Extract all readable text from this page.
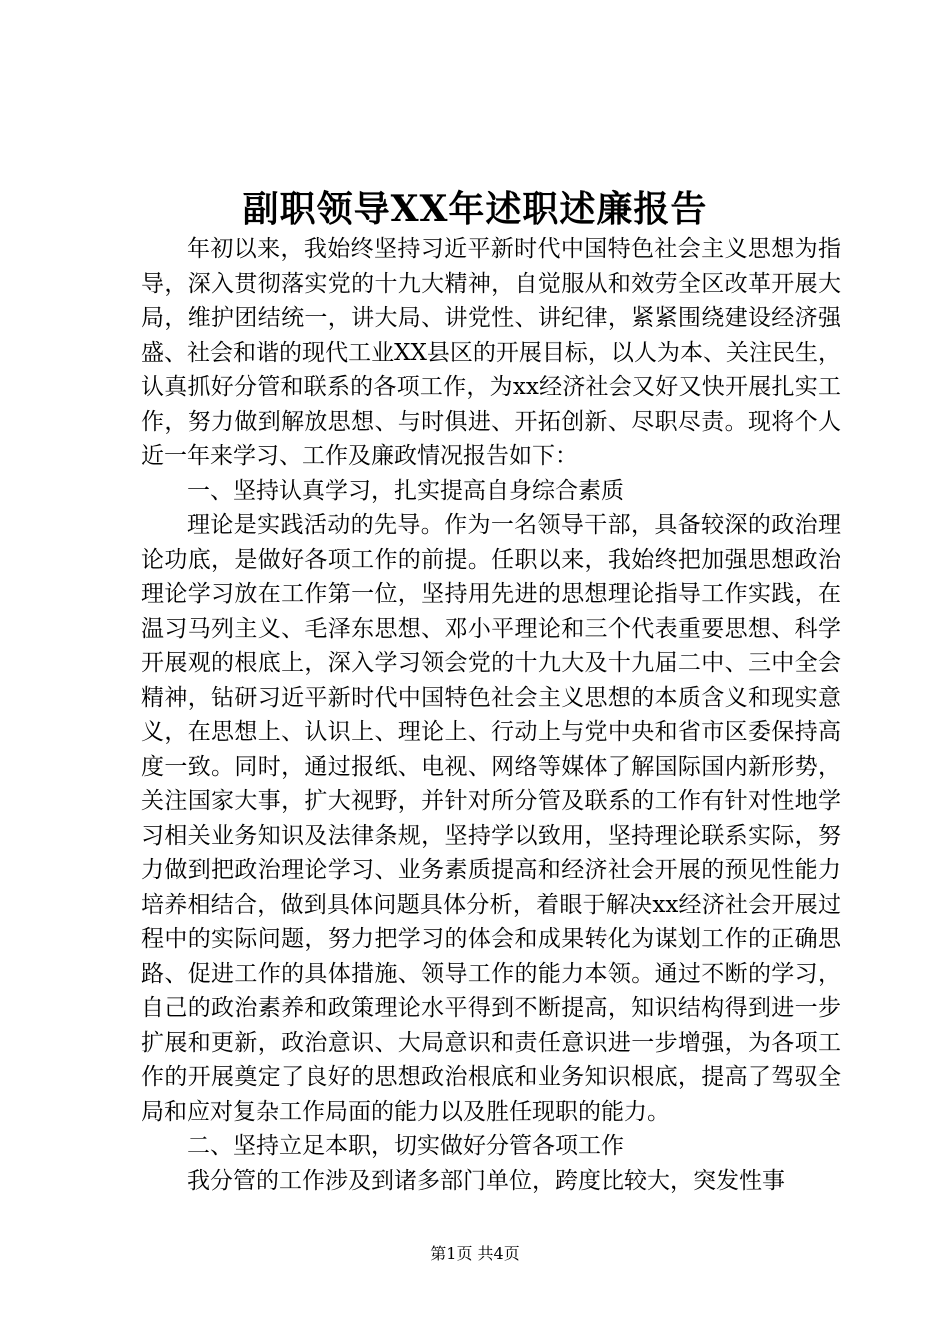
副职领导XX年述职述廉报告

年初以来，我始终坚持习近平新时代中国特色社会主义思想为指导，深入贯彻落实党的十九大精神，自觉服从和效劳全区改革开展大局，维护团结统一，讲大局、讲党性、讲纪律，紧紧围绕建设经济强盛、社会和谐的现代工业XX县区的开展目标，以人为本、关注民生，认真抓好分管和联系的各项工作，为xx经济社会又好又快开展扎实工作，努力做到解放思想、与时俱进、开拓创新、尽职尽责。现将个人近一年来学习、工作及廉政情况报告如下：

一、坚持认真学习，扎实提高自身综合素质

理论是实践活动的先导。作为一名领导干部，具备较深的政治理论功底，是做好各项工作的前提。任职以来，我始终把加强思想政治理论学习放在工作第一位，坚持用先进的思想理论指导工作实践，在温习马列主义、毛泽东思想、邓小平理论和三个代表重要思想、科学开展观的根底上，深入学习领会党的十九大及十九届二中、三中全会精神，钻研习近平新时代中国特色社会主义思想的本质含义和现实意义，在思想上、认识上、理论上、行动上与党中央和省市区委保持高度一致。同时，通过报纸、电视、网络等媒体了解国际国内新形势，关注国家大事，扩大视野，并针对所分管及联系的工作有针对性地学习相关业务知识及法律条规，坚持学以致用，坚持理论联系实际，努力做到把政治理论学习、业务素质提高和经济社会开展的预见性能力培养相结合，做到具体问题具体分析，着眼于解决xx经济社会开展过程中的实际问题，努力把学习的体会和成果转化为谋划工作的正确思路、促进工作的具体措施、领导工作的能力本领。通过不断的学习，自己的政治素养和政策理论水平得到不断提高，知识结构得到进一步扩展和更新，政治意识、大局意识和责任意识进一步增强，为各项工作的开展奠定了良好的思想政治根底和业务知识根底，提高了驾驭全局和应对复杂工作局面的能力以及胜任现职的能力。

二、坚持立足本职，切实做好分管各项工作

我分管的工作涉及到诸多部门单位，跨度比较大，突发性事

第1页 共4页
